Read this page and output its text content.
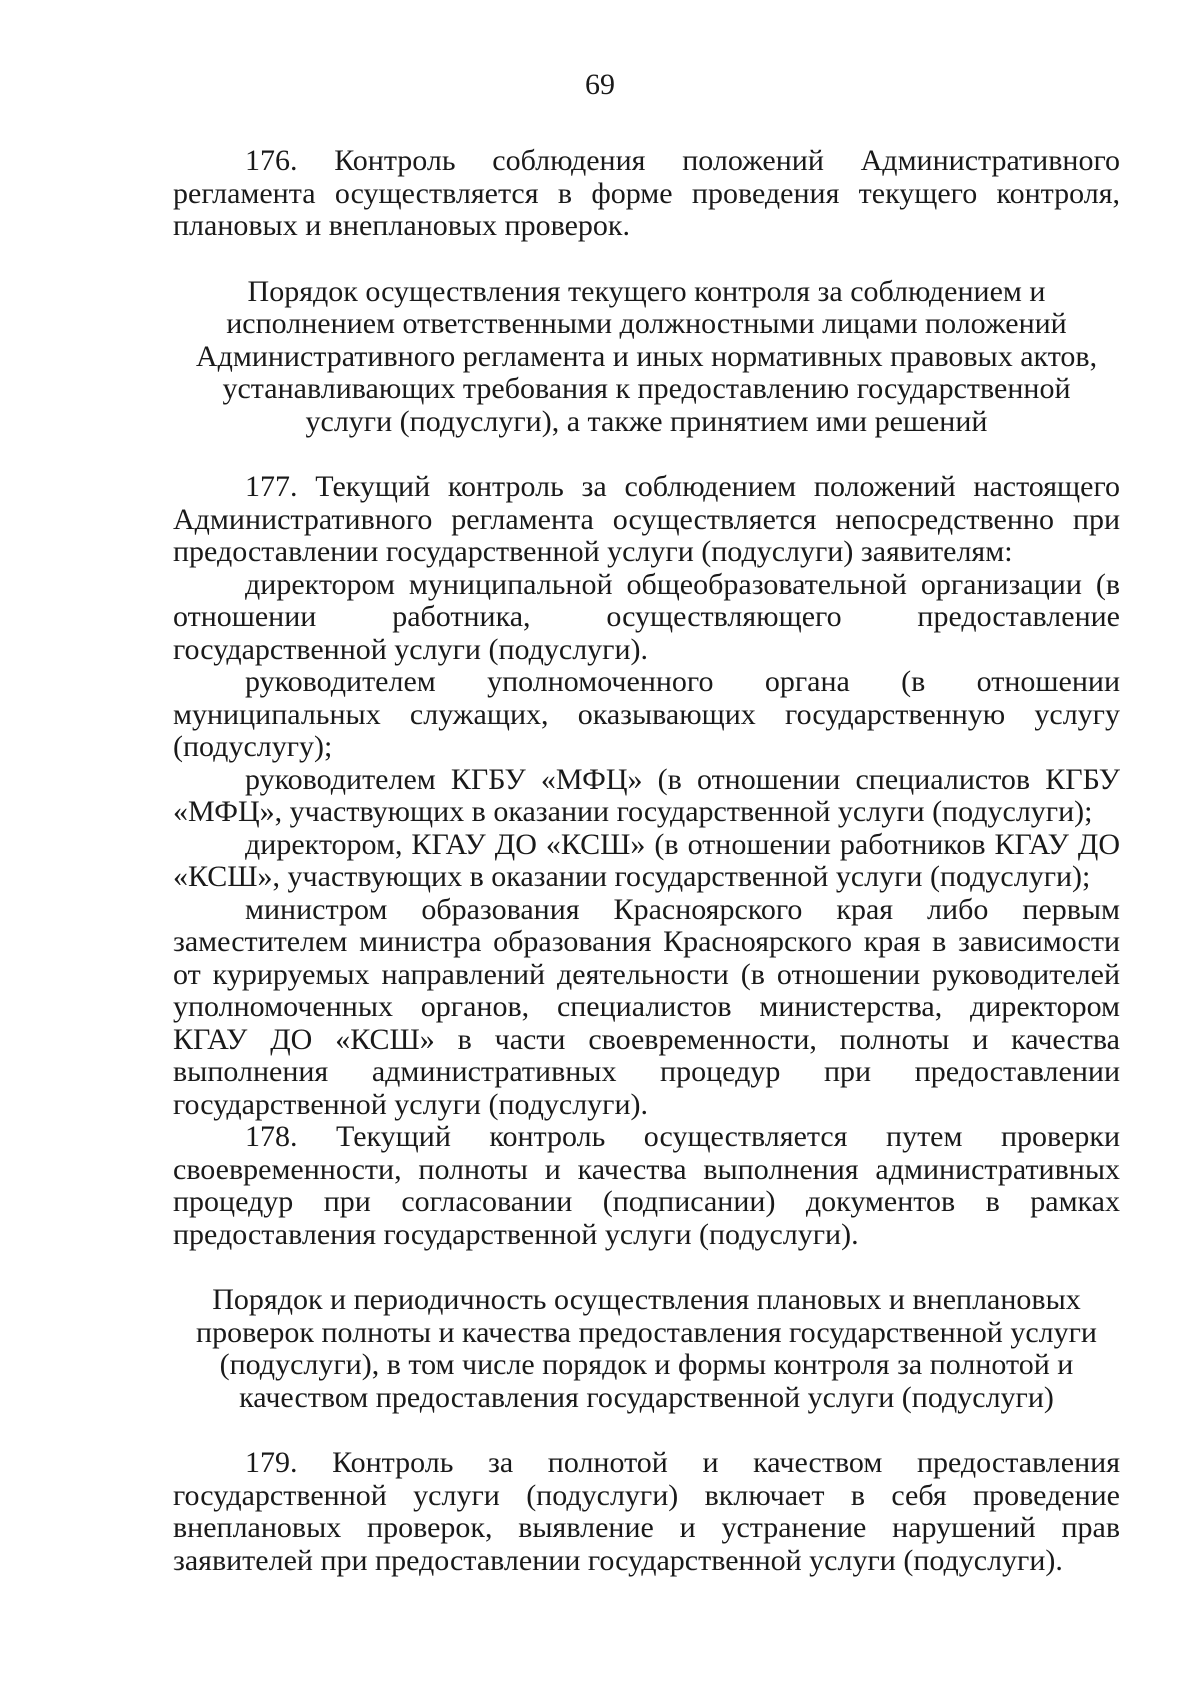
69

176. Контроль соблюдения положений Административного регламента осуществляется в форме проведения текущего контроля, плановых и внеплановых проверок.

Порядок осуществления текущего контроля за соблюдением и исполнением ответственными должностными лицами положений Административного регламента и иных нормативных правовых актов, устанавливающих требования к предоставлению государственной услуги (подуслуги), а также принятием ими решений

177. Текущий контроль за соблюдением положений настоящего Административного регламента осуществляется непосредственно при предоставлении государственной услуги (подуслуги) заявителям:

директором муниципальной общеобразовательной организации (в отношении работника, осуществляющего предоставление государственной услуги (подуслуги).

руководителем уполномоченного органа (в отношении муниципальных служащих, оказывающих государственную услугу (подуслугу);

руководителем КГБУ «МФЦ» (в отношении специалистов КГБУ «МФЦ», участвующих в оказании государственной услуги (подуслуги);

директором, КГАУ ДО «КСШ» (в отношении работников КГАУ ДО «КСШ», участвующих в оказании государственной услуги (подуслуги);

министром образования Красноярского края либо первым заместителем министра образования Красноярского края в зависимости от курируемых направлений деятельности (в отношении руководителей уполномоченных органов, специалистов министерства, директором КГАУ ДО «КСШ» в части своевременности, полноты и качества выполнения административных процедур при предоставлении государственной услуги (подуслуги).

178. Текущий контроль осуществляется путем проверки своевременности, полноты и качества выполнения административных процедур при согласовании (подписании) документов в рамках предоставления государственной услуги (подуслуги).

Порядок и периодичность осуществления плановых и внеплановых проверок полноты и качества предоставления государственной услуги (подуслуги), в том числе порядок и формы контроля за полнотой и качеством предоставления государственной услуги (подуслуги)

179. Контроль за полнотой и качеством предоставления государственной услуги (подуслуги) включает в себя проведение внеплановых проверок, выявление и устранение нарушений прав заявителей при предоставлении государственной услуги (подуслуги).
